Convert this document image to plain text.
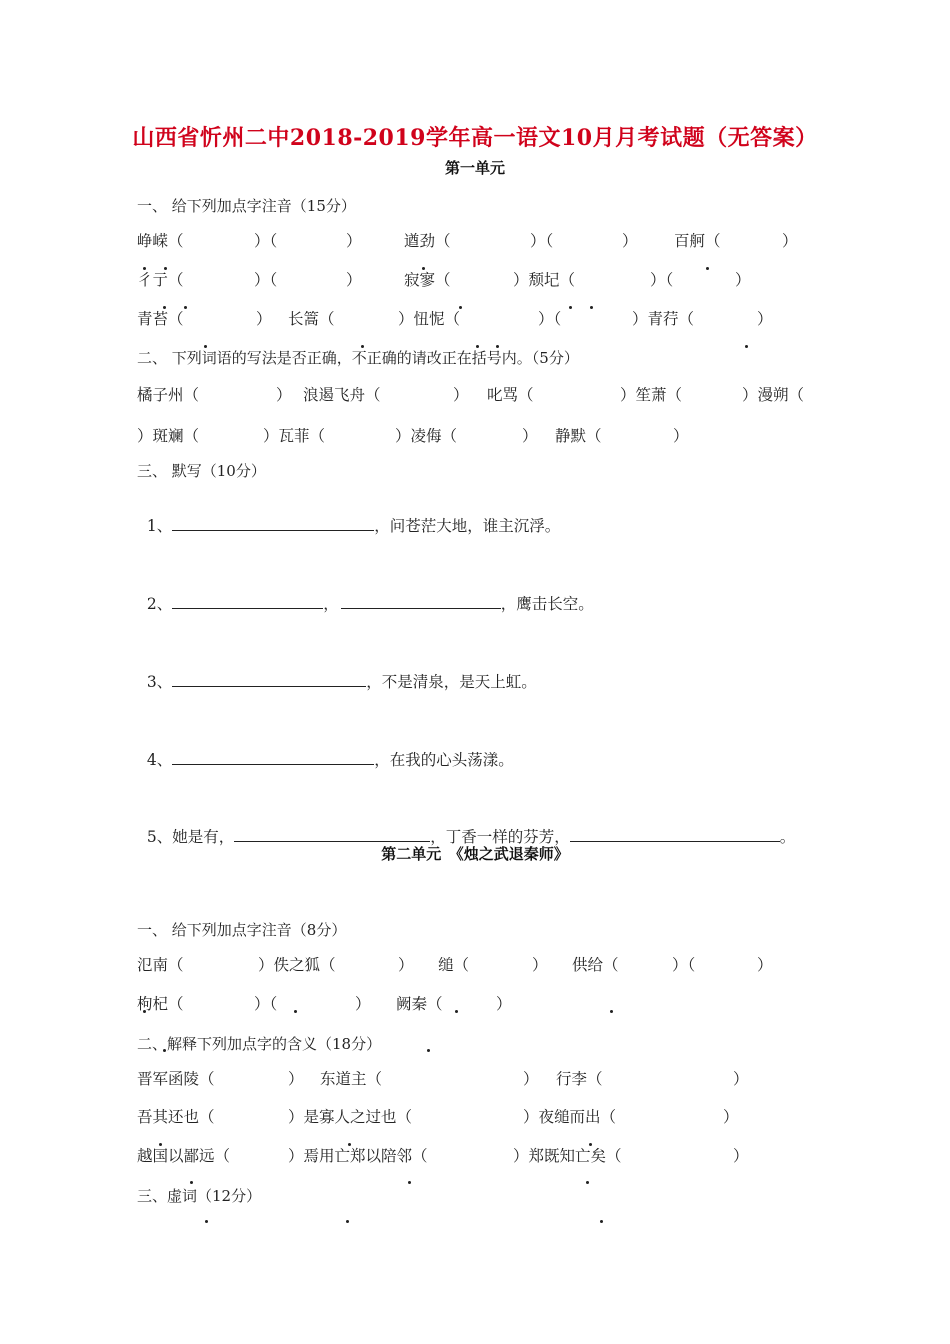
山西省忻州二中2018-2019学年高一语文10月月考试题（无答案）
第一单元
一、 给下列加点字注音（15分）
峥嵘（	）（	）	遒劲（	）（	） 百舸（	）
彳亍（	）（	）	寂寥（	）颓圮（	）（	）
青苔（	） 长篙（	）忸怩（	）（	）青荇（	）

二、 下列词语的写法是否正确，不正确的请改正在括号内。（5分）
橘子州（	） 浪遏飞舟（	） 叱骂（	）笙萧（	）漫朔（
）斑斓（	）瓦菲（	）凌侮（	） 静默（	）
三、 默写（10分）

1、	，问苍茫大地，谁主沉浮。

2、	，	，鹰击长空。

3、	，不是清泉，是天上虹。

4、	，在我的心头荡漾。

5、她是有，	，丁香一样的芬芳，	。

第二单元　《烛之武退秦师》
一、 给下列加点字注音（8分）
氾南（	）佚之狐（	） 缒（	） 供给（	）（	）
枸杞（	）（	） 阙秦（	）

二、解释下列加点字的含义（18分）
晋军函陵（	） 东道主（	） 行李（	）
吾其还也（	）是寡人之过也（	）夜缒而出（	）
越国以鄙远（	）焉用亡郑以陪邻（	）郑既知亡矣（	）

三、虚词（12分）
